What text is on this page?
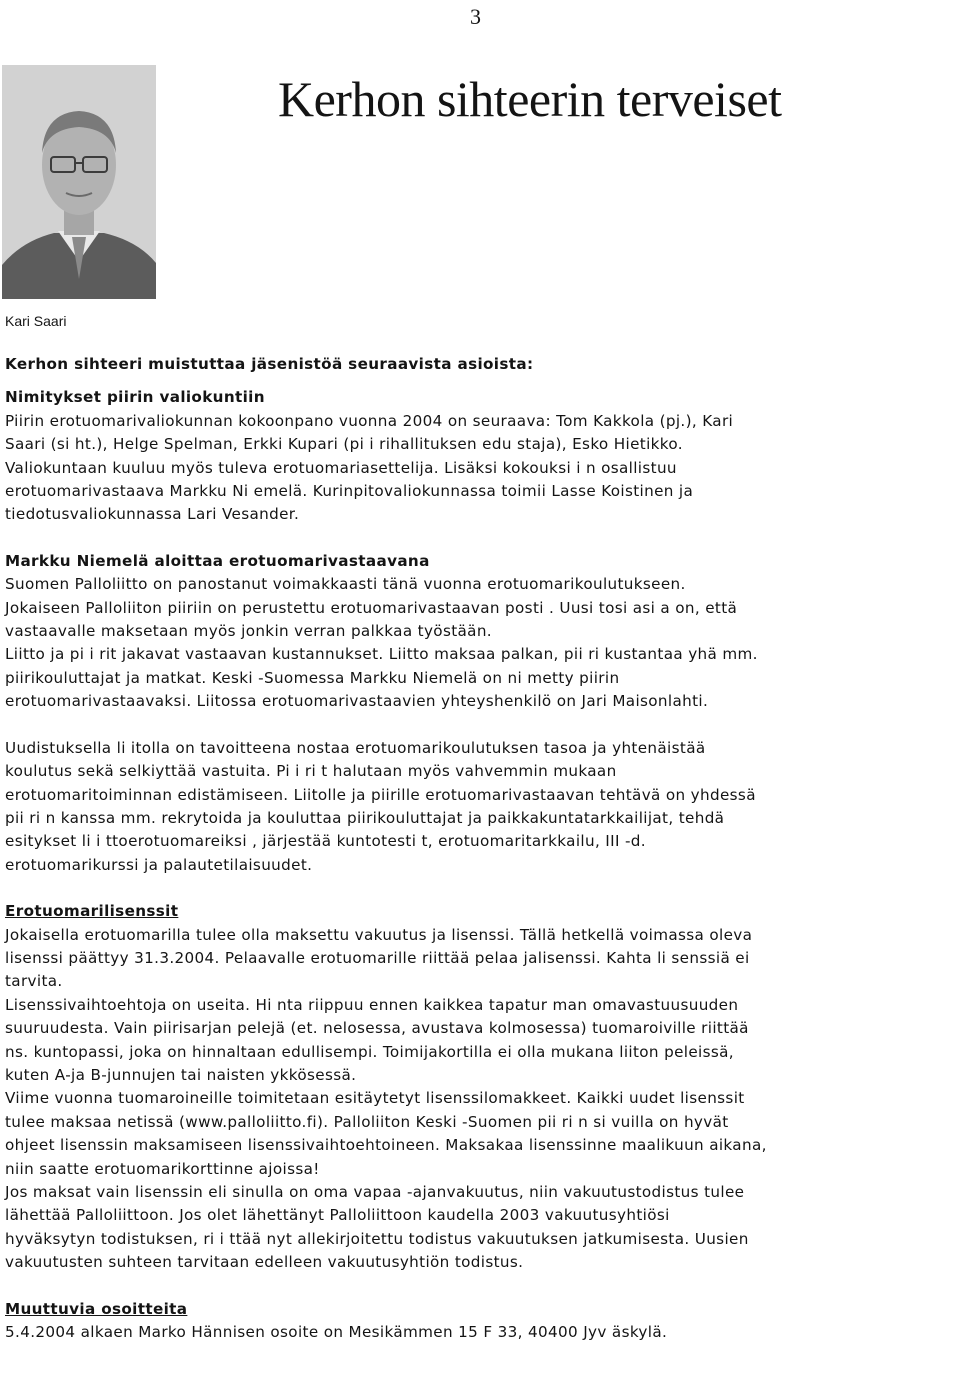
3
Kerhon sihteerin terveiset
Kari Saari

Kerhon sihteeri muistuttaa jäsenistöä seuraavista asioista:

Nimitykset piirin valiokuntiin

Piirin erotuomarivaliokunnan kokoonpano vuonna 2004 on seuraava: Tom Kakkola (pj.), Kari

Saari (si ht.), Helge Spelman, Erkki Kupari (pi i rihallituksen edu staja), Esko Hietikko.

Valiokuntaan kuuluu myös tuleva erotuomariasettelija. Lisäksi kokouksi i n osallistuu

erotuomarivastaava Markku Ni emelä. Kurinpitovaliokunnassa toimii Lasse Koistinen ja

tiedotusvaliokunnassa Lari Vesander.

Markku Niemelä aloittaa erotuomarivastaavana

Suomen Palloliitto on panostanut voimakkaasti tänä vuonna erotuomarikoulutukseen.

Jokaiseen Palloliiton piiriin on perustettu erotuomarivastaavan posti . Uusi tosi asi a on, että

vastaavalle maksetaan myös jonkin verran palkkaa työstään.

Liitto ja pi i rit jakavat vastaavan kustannukset. Liitto maksaa palkan, pii ri kustantaa yhä mm.

piirikouluttajat ja matkat. Keski -Suomessa Markku Niemelä on ni metty piirin

erotuomarivastaavaksi. Liitossa erotuomarivastaavien yhteyshenkilö on Jari Maisonlahti.

Uudistuksella li itolla on tavoitteena nostaa erotuomarikoulutuksen tasoa ja yhtenäistää

koulutus sekä selkiyttää vastuita. Pi i ri t halutaan myös vahvemmin mukaan

erotuomaritoiminnan edistämiseen. Liitolle ja piirille erotuomarivastaavan tehtävä on yhdessä

pii ri n kanssa mm. rekrytoida ja kouluttaa piirikouluttajat ja paikkakuntatarkkailijat, tehdä

esitykset li i ttoerotuomareiksi , järjestää kuntotesti t, erotuomaritarkkailu, III -d.

erotuomarikurssi ja palautetilaisuudet.

Erotuomarilisenssit

Jokaisella erotuomarilla tulee olla maksettu vakuutus ja lisenssi. Tällä hetkellä voimassa oleva

lisenssi päättyy 31.3.2004. Pelaavalle erotuomarille riittää pelaa jalisenssi. Kahta li senssiä ei

tarvita.

Lisenssivaihtoehtoja on useita. Hi nta riippuu ennen kaikkea tapatur man omavastuusuuden

suuruudesta. Vain piirisarjan pelejä (et. nelosessa, avustava kolmosessa) tuomaroiville riittää

ns. kuntopassi, joka on hinnaltaan edullisempi. Toimijakortilla ei olla mukana liiton peleissä,

kuten A-ja B-junnujen tai naisten ykkösessä.

Viime vuonna tuomaroineille toimitetaan esitäytetyt lisenssilomakkeet. Kaikki uudet lisenssit

tulee maksaa netissä (www.palloliitto.fi). Palloliiton Keski -Suomen pii ri n si vuilla on hyvät

ohjeet lisenssin maksamiseen lisenssivaihtoehtoineen. Maksakaa lisenssinne maalikuun aikana,

niin saatte erotuomarikorttinne ajoissa!

Jos maksat vain lisenssin eli sinulla on oma vapaa -ajanvakuutus, niin vakuutustodistus tulee

lähettää Palloliittoon. Jos olet lähettänyt Palloliittoon kaudella 2003 vakuutusyhtiösi

hyväksytyn todistuksen, ri i ttää nyt allekirjoitettu todistus vakuutuksen jatkumisesta. Uusien

vakuutusten suhteen tarvitaan edelleen vakuutusyhtiön todistus.

Muuttuvia osoitteita

5.4.2004 alkaen Marko Hännisen osoite on Mesikämmen 15 F 33, 40400 Jyv äskylä.
